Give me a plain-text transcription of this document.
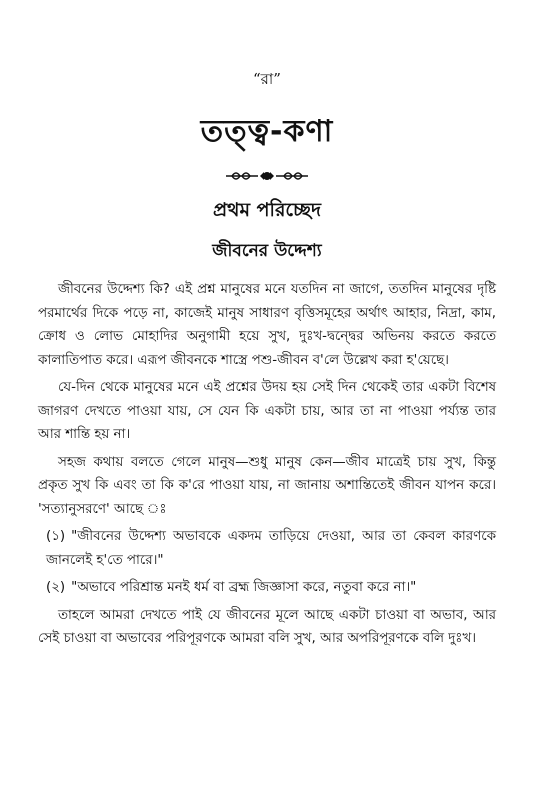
“রা”
তত্ত্ব-কণা
প্রথম পরিচ্ছেদ
জীবনের উদ্দেশ্য

জীবনের উদ্দেশ্য কি? এই প্রশ্ন মানুষের মনে যতদিন না জাগে, ততদিন মানুষের দৃষ্টি পরমার্থের দিকে পড়ে না, কাজেই মানুষ সাধারণ বৃত্তিসমূহের অর্থাৎ আহার, নিদ্রা, কাম, ক্রোধ ও লোভ মোহাদির অনুগামী হয়ে সুখ, দুঃখ-দ্বন্দ্বের অভিনয় করতে করতে কালাতিপাত করে। এরূপ জীবনকে শাস্ত্রে পশু-জীবন ব'লে উল্লেখ করা হ'য়েছে।

যে-দিন থেকে মানুষের মনে এই প্রশ্নের উদয় হয় সেই দিন থেকেই তার একটা বিশেষ জাগরণ দেখতে পাওয়া যায়, সে যেন কি একটা চায়, আর তা না পাওয়া পর্য্যন্ত তার আর শান্তি হয় না।

সহজ কথায় বলতে গেলে মানুষ—শুধু মানুষ কেন—জীব মাত্রেই চায় সুখ, কিন্তু প্রকৃত সুখ কি এবং তা কি ক'রে পাওয়া যায়, না জানায় অশান্তিতেই জীবন যাপন করে। 'সত্যানুসরণে' আছে ঃ

(১) "জীবনের উদ্দেশ্য অভাবকে একদম তাড়িয়ে দেওয়া, আর তা কেবল কারণকে জানলেই হ'তে পারে।"

(২) "অভাবে পরিশ্রান্ত মনই ধর্ম বা ব্রহ্ম জিজ্ঞাসা করে, নতুবা করে না।"

তাহলে আমরা দেখতে পাই যে জীবনের মূলে আছে একটা চাওয়া বা অভাব, আর সেই চাওয়া বা অভাবের পরিপূরণকে আমরা বলি সুখ, আর অপরিপূরণকে বলি দুঃখ।
